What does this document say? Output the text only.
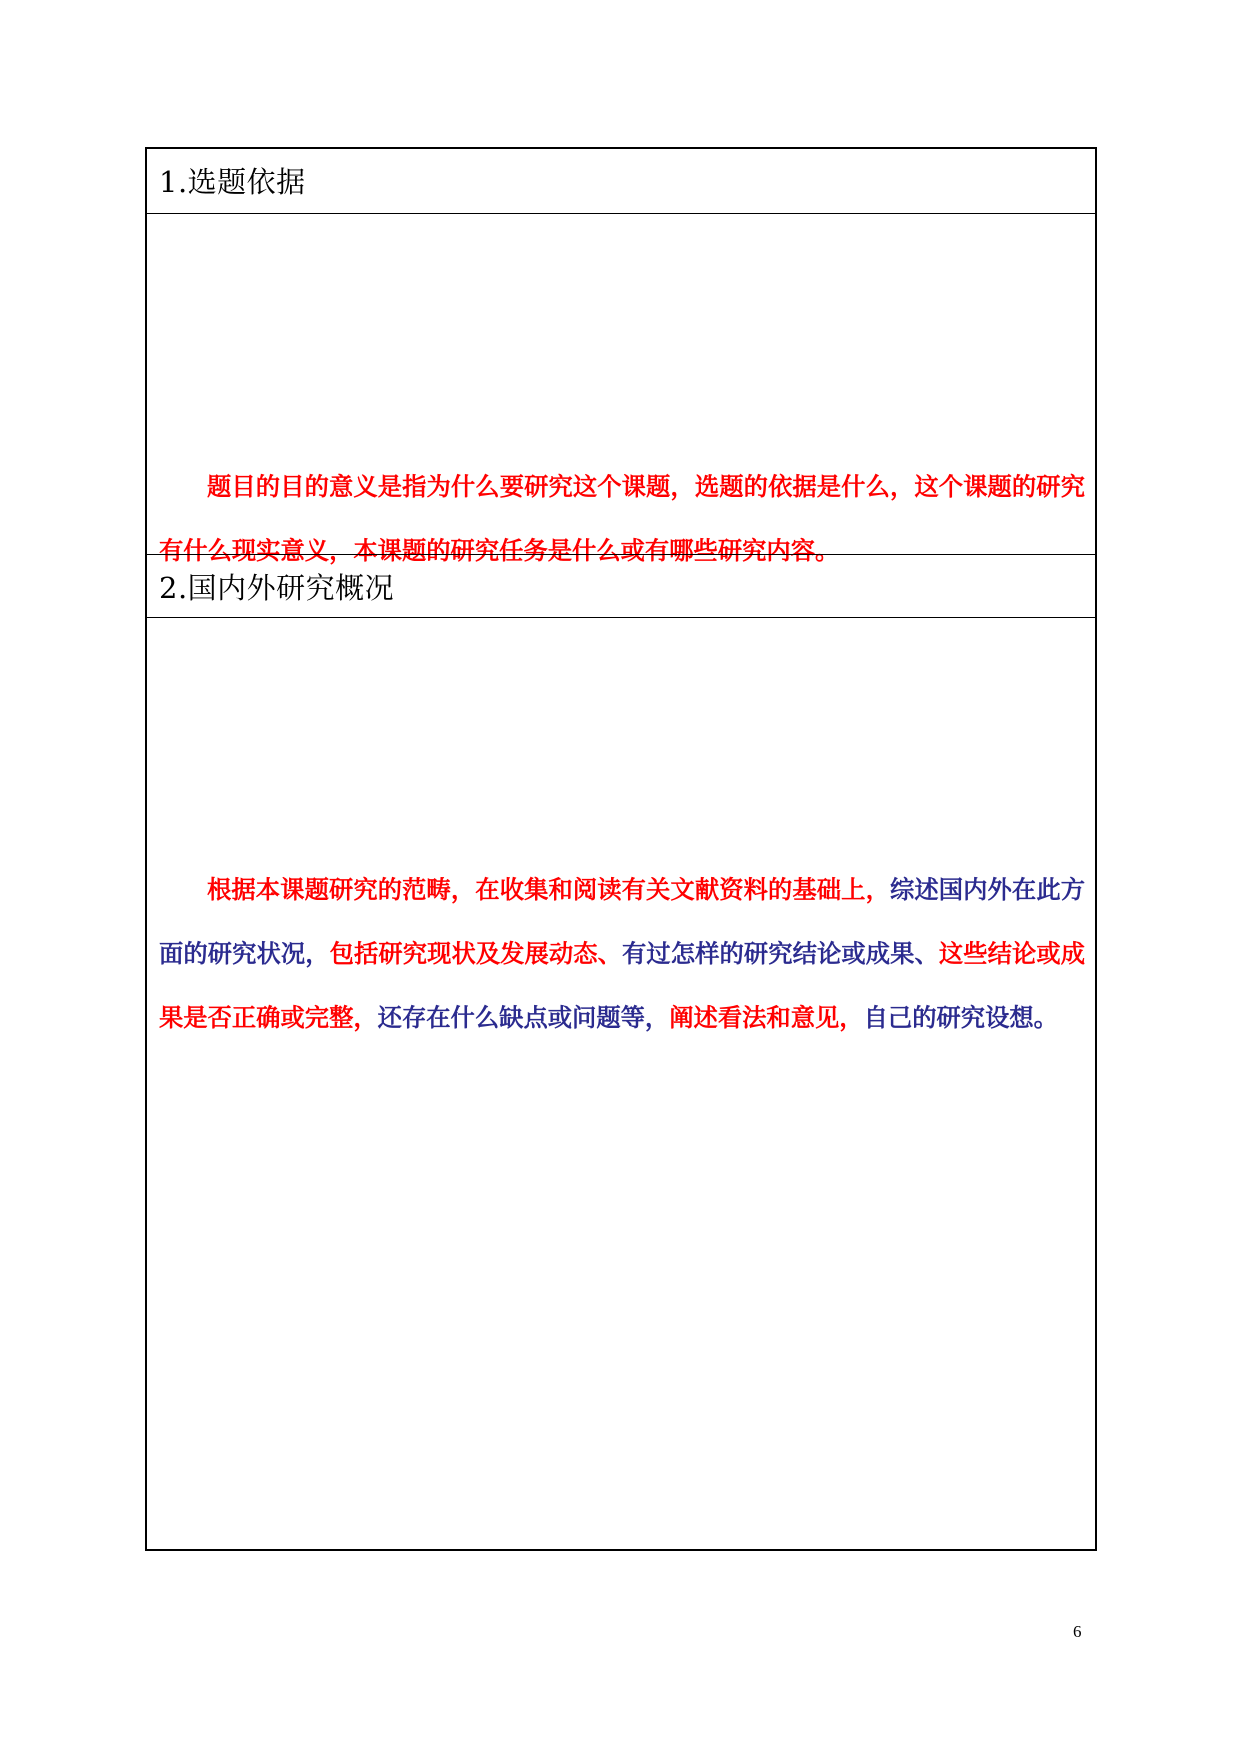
1.选题依据
题目的目的意义是指为什么要研究这个课题，选题的依据是什么，这个课题的研究有什么现实意义，本课题的研究任务是什么或有哪些研究内容。
2.国内外研究概况
根据本课题研究的范畴，在收集和阅读有关文献资料的基础上，综述国内外在此方面的研究状况，包括研究现状及发展动态、有过怎样的研究结论或成果、这些结论或成果是否正确或完整，还存在什么缺点或问题等，阐述看法和意见，自己的研究设想。
6
